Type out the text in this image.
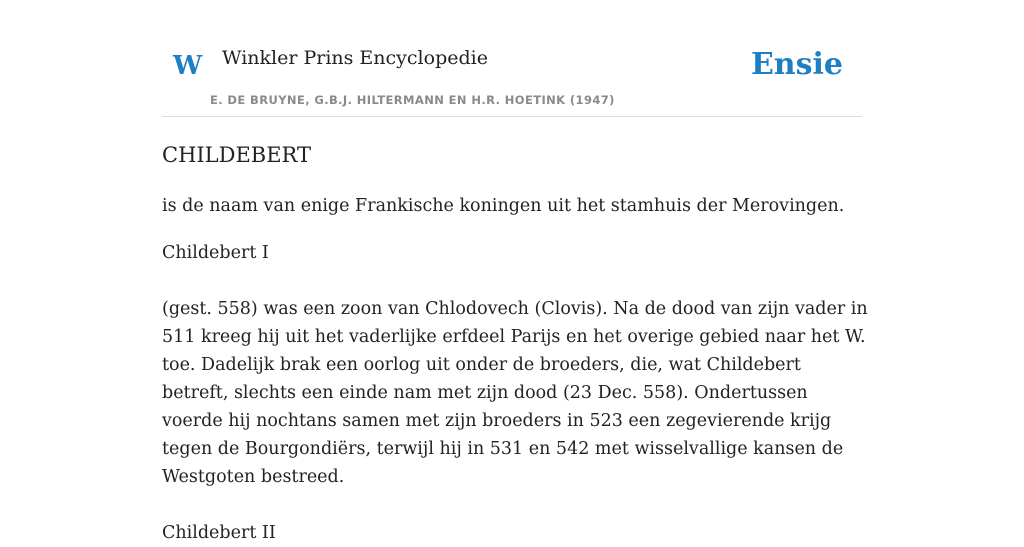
W Winkler Prins Encyclopedie
E. DE BRUYNE, G.B.J. HILTERMANN EN H.R. HOETINK (1947)
Ensie
CHILDEBERT

is de naam van enige Frankische koningen uit het stamhuis der Merovingen.

Childebert I

(gest. 558) was een zoon van Chlodovech (Clovis). Na de dood van zijn vader in 511 kreeg hij uit het vaderlijke erfdeel Parijs en het overige gebied naar het W. toe. Dadelijk brak een oorlog uit onder de broeders, die, wat Childebert betreft, slechts een einde nam met zijn dood (23 Dec. 558). Ondertussen voerde hij nochtans samen met zijn broeders in 523 een zegevierende krijg tegen de Bourgondiërs, terwijl hij in 531 en 542 met wisselvallige kansen de Westgoten bestreed.

Childebert II
